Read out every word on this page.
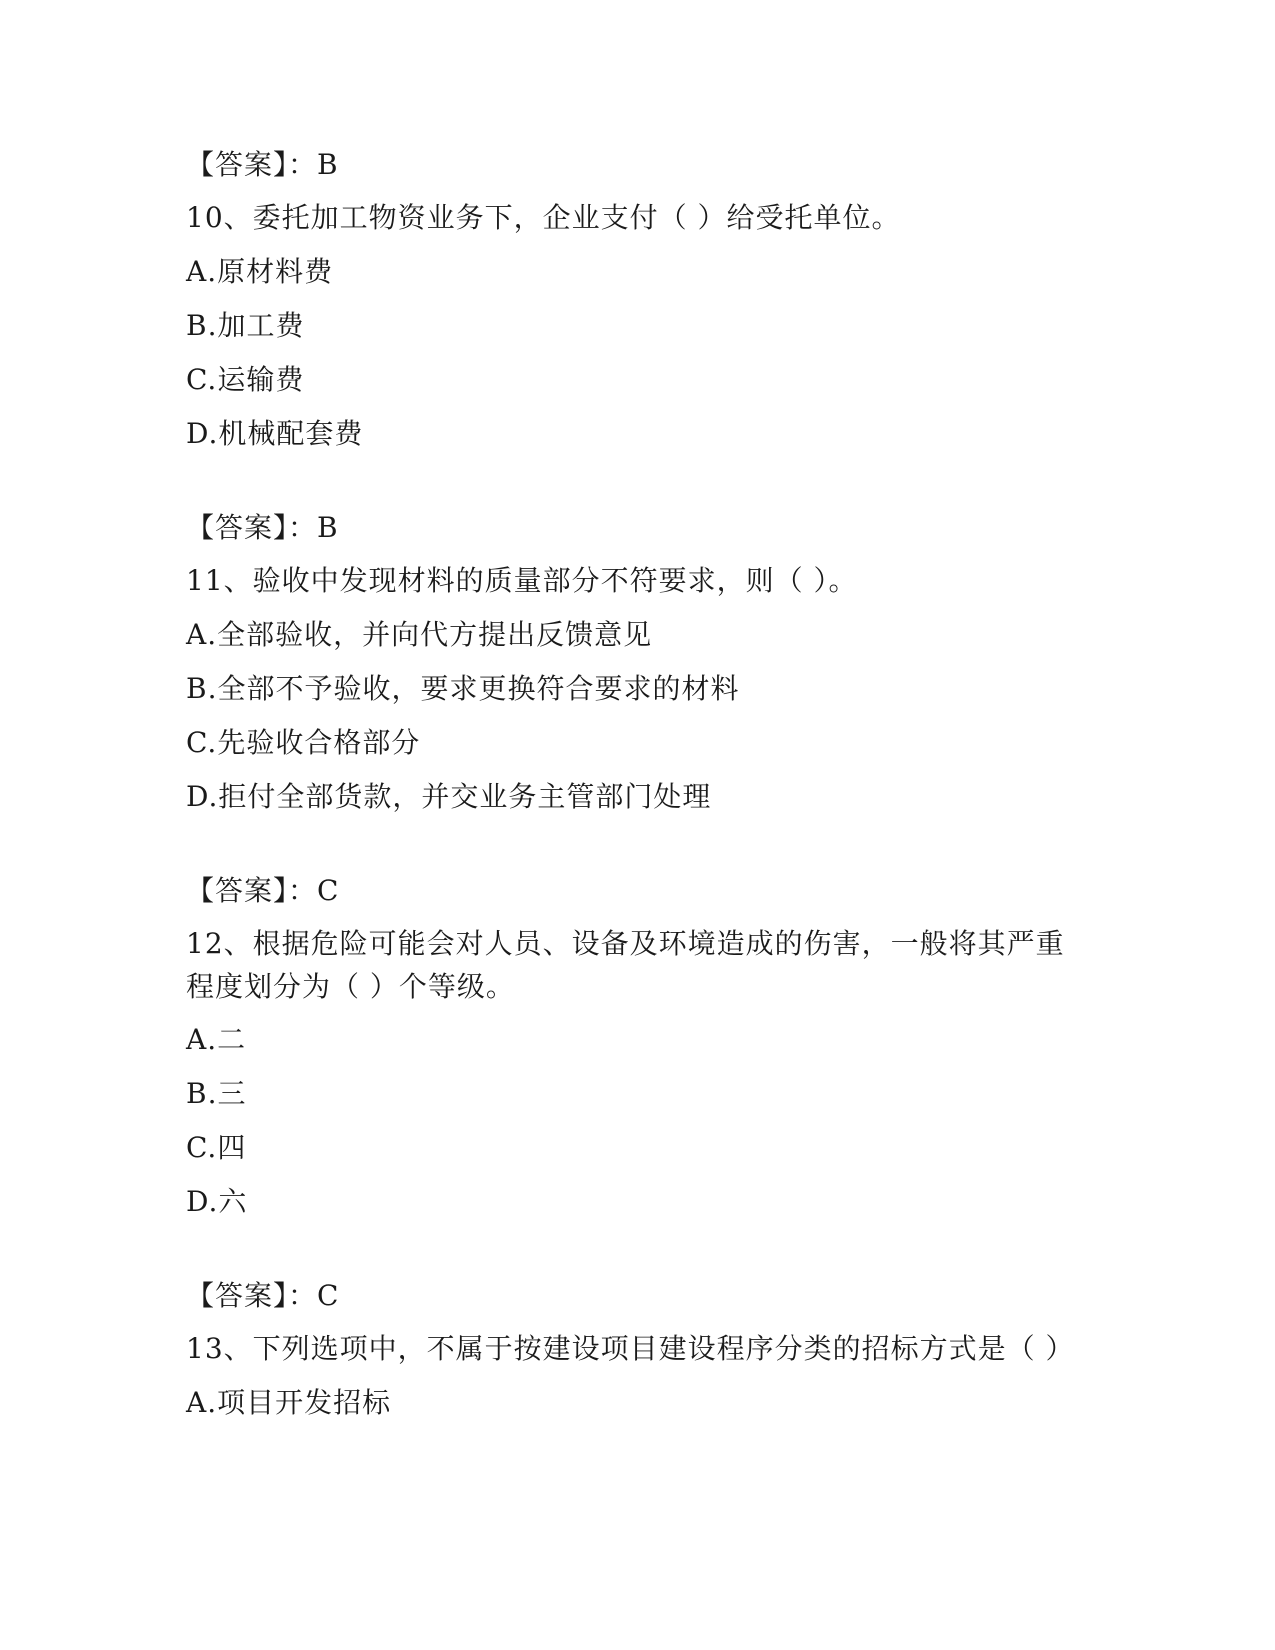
【答案】：B
10、委托加工物资业务下，企业支付（ ）给受托单位。
A.原材料费
B.加工费
C.运输费
D.机械配套费
【答案】：B
11、验收中发现材料的质量部分不符要求，则（ ）。
A.全部验收，并向代方提出反馈意见
B.全部不予验收，要求更换符合要求的材料
C.先验收合格部分
D.拒付全部货款，并交业务主管部门处理
【答案】：C
12、根据危险可能会对人员、设备及环境造成的伤害，一般将其严重
程度划分为（ ）个等级。
A.二
B.三
C.四
D.六
【答案】：C
13、下列选项中，不属于按建设项目建设程序分类的招标方式是（ ）
A.项目开发招标
